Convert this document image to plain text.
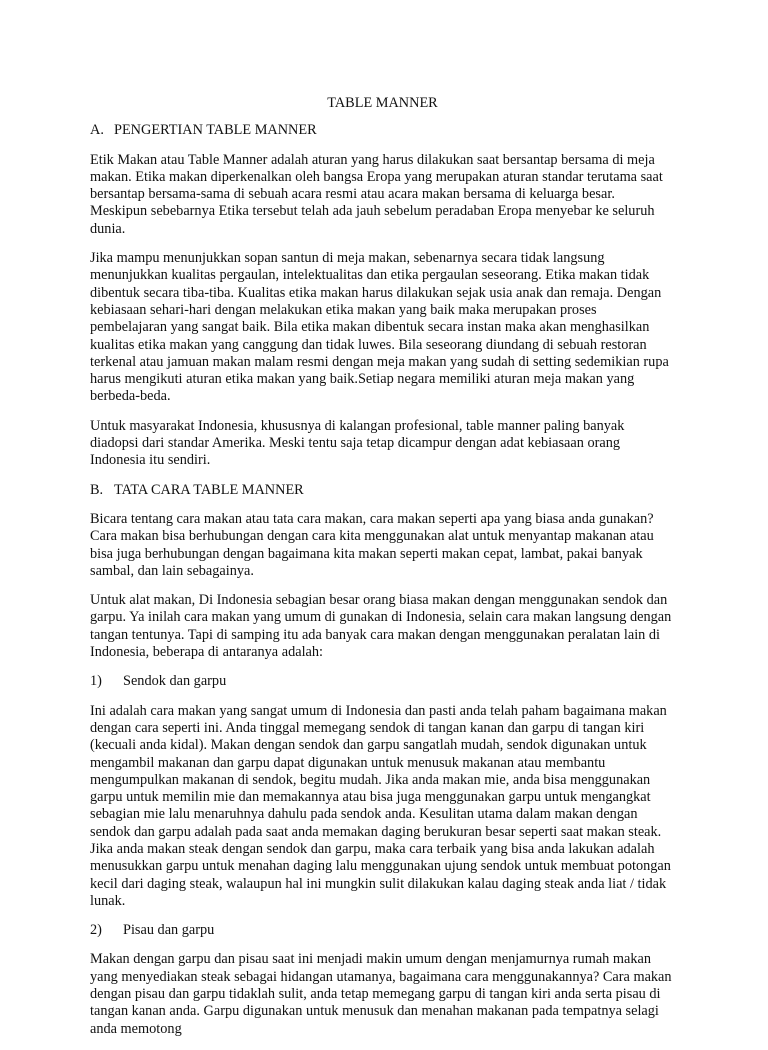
TABLE MANNER
A. PENGERTIAN TABLE MANNER

Etik Makan atau Table Manner adalah aturan yang harus dilakukan saat bersantap bersama di meja makan. Etika makan diperkenalkan oleh bangsa Eropa yang merupakan aturan standar terutama saat bersantap bersama-sama di sebuah acara resmi atau acara makan bersama di keluarga besar. Meskipun sebebarnya Etika tersebut telah ada jauh sebelum peradaban Eropa menyebar ke seluruh dunia.

Jika mampu menunjukkan sopan santun di meja makan, sebenarnya secara tidak langsung menunjukkan kualitas pergaulan, intelektualitas dan etika pergaulan seseorang. Etika makan tidak dibentuk secara tiba-tiba. Kualitas etika makan harus dilakukan sejak usia anak dan remaja. Dengan kebiasaan sehari-hari dengan melakukan etika makan yang baik maka merupakan proses pembelajaran yang sangat baik. Bila etika makan dibentuk secara instan maka akan menghasilkan kualitas etika makan yang canggung dan tidak luwes. Bila seseorang diundang di sebuah restoran terkenal atau jamuan makan malam resmi dengan meja makan yang sudah di setting sedemikian rupa harus mengikuti aturan etika makan yang baik.Setiap negara memiliki aturan meja makan yang berbeda-beda.

Untuk masyarakat Indonesia, khususnya di kalangan profesional, table manner paling banyak diadopsi dari standar Amerika. Meski tentu saja tetap dicampur dengan adat kebiasaan orang Indonesia itu sendiri.

B. TATA CARA TABLE MANNER

Bicara tentang cara makan atau tata cara makan, cara makan seperti apa yang biasa anda gunakan? Cara makan bisa berhubungan dengan cara kita menggunakan alat untuk menyantap makanan atau bisa juga berhubungan dengan bagaimana kita makan seperti makan cepat, lambat, pakai banyak sambal, dan lain sebagainya.

Untuk alat makan, Di Indonesia sebagian besar orang biasa makan dengan menggunakan sendok dan garpu. Ya inilah cara makan yang umum di gunakan di Indonesia, selain cara makan langsung dengan tangan tentunya. Tapi di samping itu ada banyak cara makan dengan menggunakan peralatan lain di Indonesia, beberapa di antaranya adalah:

1) Sendok dan garpu

Ini adalah cara makan yang sangat umum di Indonesia dan pasti anda telah paham bagaimana makan dengan cara seperti ini. Anda tinggal memegang sendok di tangan kanan dan garpu di tangan kiri (kecuali anda kidal). Makan dengan sendok dan garpu sangatlah mudah, sendok digunakan untuk mengambil makanan dan garpu dapat digunakan untuk menusuk makanan atau membantu mengumpulkan makanan di sendok, begitu mudah. Jika anda makan mie, anda bisa menggunakan garpu untuk memilin mie dan memakannya atau bisa juga menggunakan garpu untuk mengangkat sebagian mie lalu menaruhnya dahulu pada sendok anda. Kesulitan utama dalam makan dengan sendok dan garpu adalah pada saat anda memakan daging berukuran besar seperti saat makan steak. Jika anda makan steak dengan sendok dan garpu, maka cara terbaik yang bisa anda lakukan adalah menusukkan garpu untuk menahan daging lalu menggunakan ujung sendok untuk membuat potongan kecil dari daging steak, walaupun hal ini mungkin sulit dilakukan kalau daging steak anda liat / tidak lunak.

2) Pisau dan garpu

Makan dengan garpu dan pisau saat ini menjadi makin umum dengan menjamurnya rumah makan yang menyediakan steak sebagai hidangan utamanya, bagaimana cara menggunakannya? Cara makan dengan pisau dan garpu tidaklah sulit, anda tetap memegang garpu di tangan kiri anda serta pisau di tangan kanan anda. Garpu digunakan untuk menusuk dan menahan makanan pada tempatnya selagi anda memotong
